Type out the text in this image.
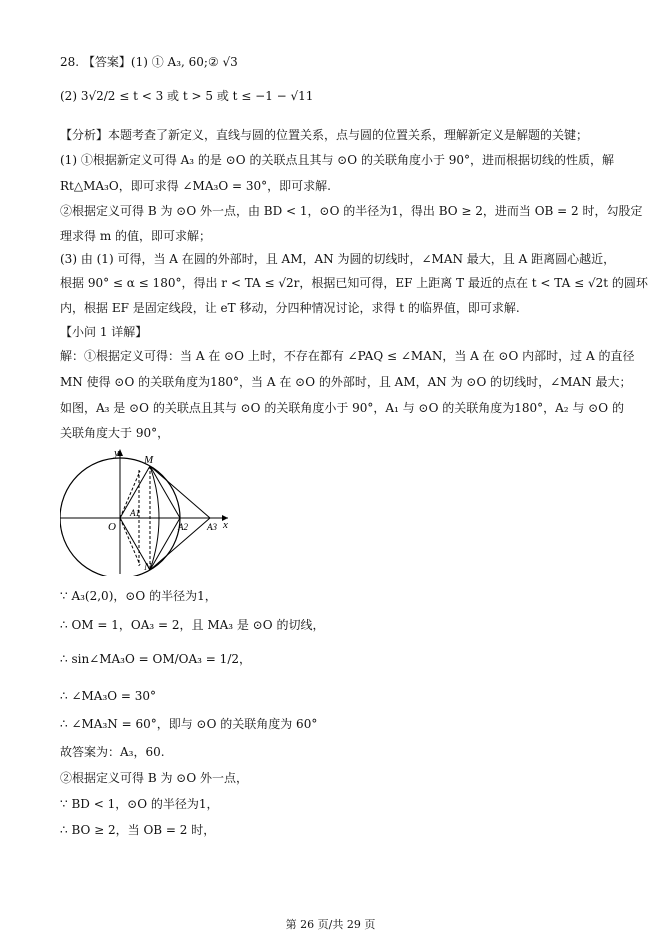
28. 【答案】(1) ① A₃, 60;② √3
(2) 3√2/2 ≤ t < 3 或 t > 5 或 t ≤ −1 − √11
【分析】本题考查了新定义，直线与圆的位置关系，点与圆的位置关系，理解新定义是解题的关键；
(1) ①根据新定义可得 A₃ 的是 ⊙O 的关联点且其与 ⊙O 的关联角度小于 90°，进而根据切线的性质，解
Rt△MA₃O，即可求得 ∠MA₃O = 30°，即可求解.
②根据定义可得 B 为 ⊙O 外一点，由 BD < 1，⊙O 的半径为1，得出 BO ≥ 2，进而当 OB = 2 时，勾股定
理求得 m 的值，即可求解；
(3) 由 (1) 可得，当 A 在圆的外部时，且 AM，AN 为圆的切线时，∠MAN 最大，且 A 距离圆心越近，
根据 90° ≤ α ≤ 180°，得出 r < TA ≤ √2r，根据已知可得，EF 上距离 T 最近的点在 t < TA ≤ √2t 的圆环
内，根据 EF 是固定线段，让 eT 移动，分四种情况讨论，求得 t 的临界值，即可求解.
【小问 1 详解】
解：①根据定义可得：当 A 在 ⊙O 上时，不存在都有 ∠PAQ ≤ ∠MAN，当 A 在 ⊙O 内部时，过 A 的直径
MN 使得 ⊙O 的关联角度为180°，当 A 在 ⊙O 的外部时，且 AM，AN 为 ⊙O 的切线时，∠MAN 最大；
如图，A₃ 是 ⊙O 的关联点且其与 ⊙O 的关联角度小于 90°，A₁ 与 ⊙O 的关联角度为180°，A₂ 与 ⊙O 的
关联角度大于 90°，
y
x
O
M
N
A1
A2 A3
∵ A₃(2,0)，⊙O 的半径为1，
∴ OM = 1，OA₃ = 2，且 MA₃ 是 ⊙O 的切线，
∴ sin∠MA₃O = OM/OA₃ = 1/2，
∴ ∠MA₃O = 30°
∴ ∠MA₃N = 60°，即与 ⊙O 的关联角度为 60°
故答案为：A₃，60.
②根据定义可得 B 为 ⊙O 外一点，
∵ BD < 1，⊙O 的半径为1，
∴ BO ≥ 2，当 OB = 2 时，
第 26 页/共 29 页
